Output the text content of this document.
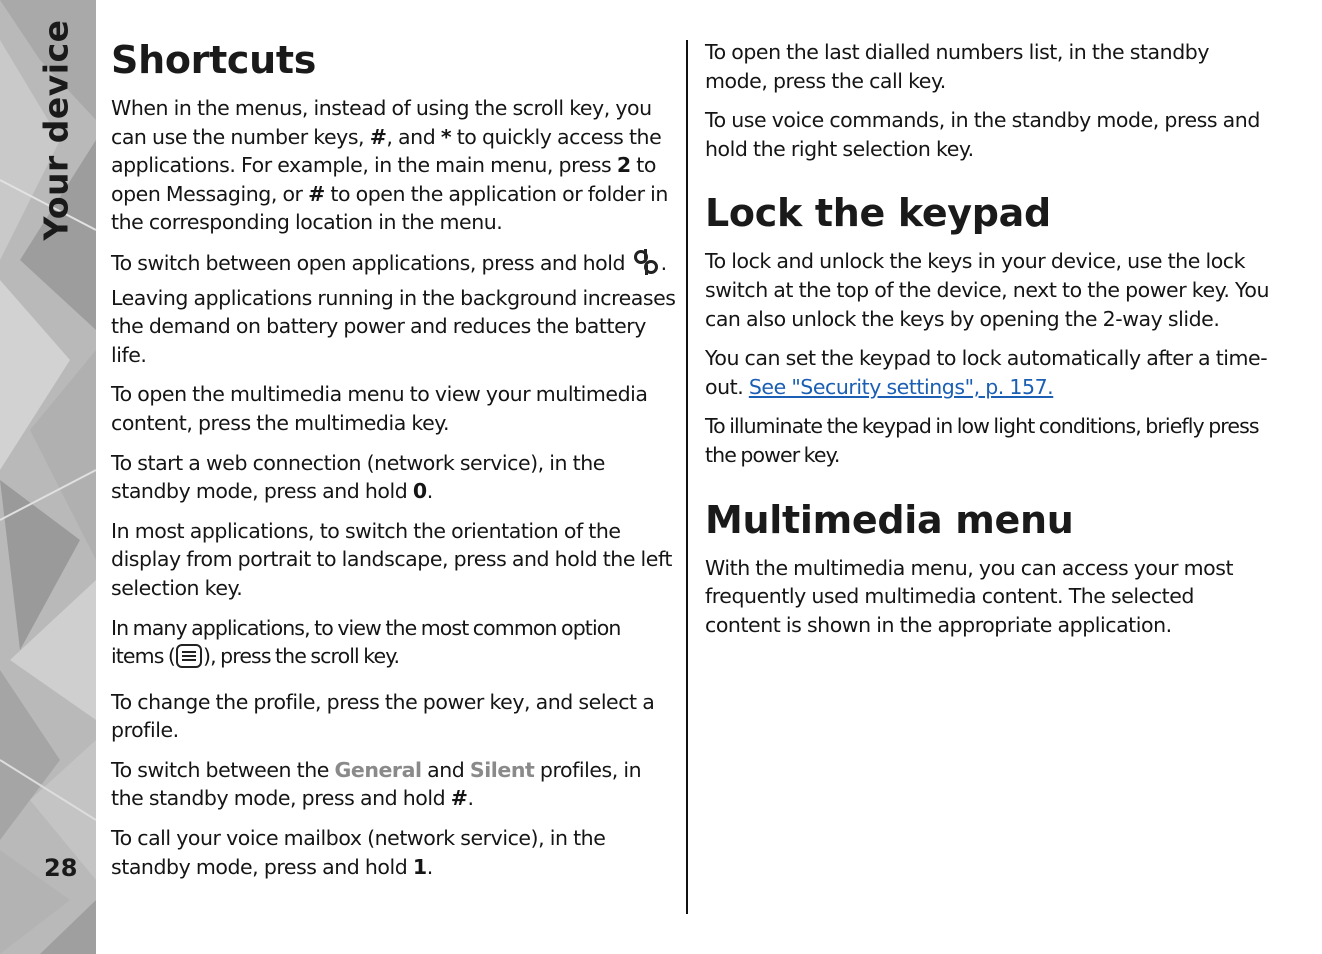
Your device
28
Shortcuts

When in the menus, instead of using the scroll key, you can use the number keys, #, and * to quickly access the applications. For example, in the main menu, press 2 to open Messaging, or # to open the application or folder in the corresponding location in the menu.

To switch between open applications, press and hold . Leaving applications running in the background increases the demand on battery power and reduces the battery life.

To open the multimedia menu to view your multimedia content, press the multimedia key.

To start a web connection (network service), in the standby mode, press and hold 0.

In most applications, to switch the orientation of the display from portrait to landscape, press and hold the left selection key.

In many applications, to view the most common option items ( ), press the scroll key.

To change the profile, press the power key, and select a profile.

To switch between the General and Silent profiles, in the standby mode, press and hold #.

To call your voice mailbox (network service), in the standby mode, press and hold 1.

To open the last dialled numbers list, in the standby mode, press the call key.

To use voice commands, in the standby mode, press and hold the right selection key.

Lock the keypad

To lock and unlock the keys in your device, use the lock switch at the top of the device, next to the power key. You can also unlock the keys by opening the 2-way slide.

You can set the keypad to lock automatically after a time-out. See "Security settings", p. 157.

To illuminate the keypad in low light conditions, briefly press the power key.

Multimedia menu

With the multimedia menu, you can access your most frequently used multimedia content. The selected content is shown in the appropriate application.
